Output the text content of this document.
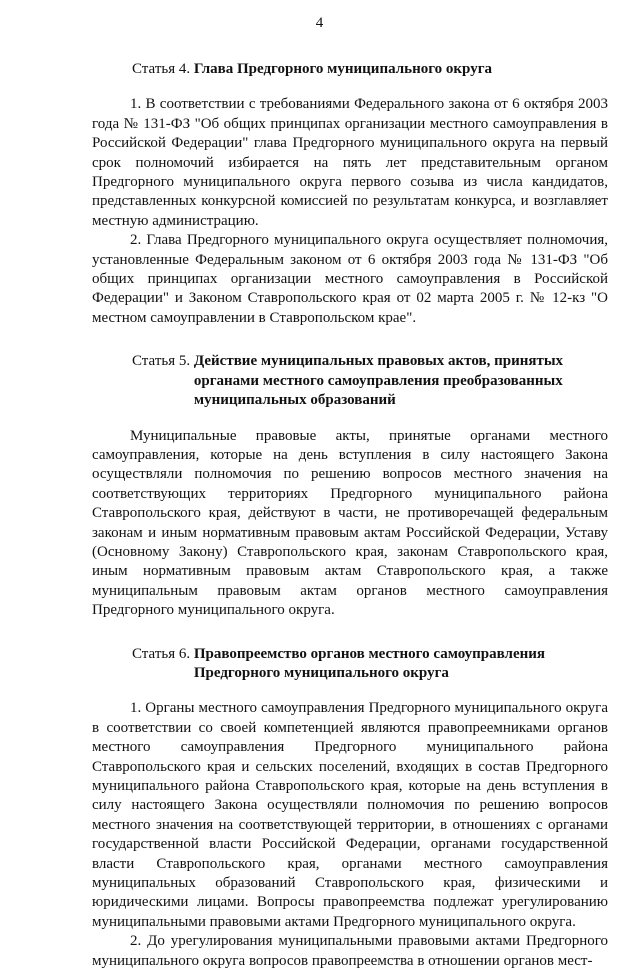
4
Статья 4. Глава Предгорного муниципального округа

1. В соответствии с требованиями Федерального закона от 6 октября 2003 года № 131-ФЗ "Об общих принципах организации местного самоуправления в Российской Федерации" глава Предгорного муниципального округа на первый срок полномочий избирается на пять лет представительным органом Предгорного муниципального округа первого созыва из числа кандидатов, представленных конкурсной комиссией по результатам конкурса, и возглавляет местную администрацию.

2. Глава Предгорного муниципального округа осуществляет полномочия, установленные Федеральным законом от 6 октября 2003 года № 131-ФЗ "Об общих принципах организации местного самоуправления в Российской Федерации" и Законом Ставропольского края от 02 марта 2005 г. № 12-кз "О местном самоуправлении в Ставропольском крае".

Статья 5. Действие муниципальных правовых актов, принятых органами местного самоуправления преобразованных муниципальных образований

Муниципальные правовые акты, принятые органами местного самоуправления, которые на день вступления в силу настоящего Закона осуществляли полномочия по решению вопросов местного значения на соответствующих территориях Предгорного муниципального района Ставропольского края, действуют в части, не противоречащей федеральным законам и иным нормативным правовым актам Российской Федерации, Уставу (Основному Закону) Ставропольского края, законам Ставропольского края, иным нормативным правовым актам Ставропольского края, а также муниципальным правовым актам органов местного самоуправления Предгорного муниципального округа.

Статья 6. Правопреемство органов местного самоуправления Предгорного муниципального округа

1. Органы местного самоуправления Предгорного муниципального округа в соответствии со своей компетенцией являются правопреемниками органов местного самоуправления Предгорного муниципального района Ставропольского края и сельских поселений, входящих в состав Предгорного муниципального района Ставропольского края, которые на день вступления в силу настоящего Закона осуществляли полномочия по решению вопросов местного значения на соответствующей территории, в отношениях с органами государственной власти Российской Федерации, органами государственной власти Ставропольского края, органами местного самоуправления муниципальных образований Ставропольского края, физическими и юридическими лицами. Вопросы правопреемства подлежат урегулированию муниципальными правовыми актами Предгорного муниципального округа.

2. До урегулирования муниципальными правовыми актами Предгорного муниципального округа вопросов правопреемства в отношении органов мест-
